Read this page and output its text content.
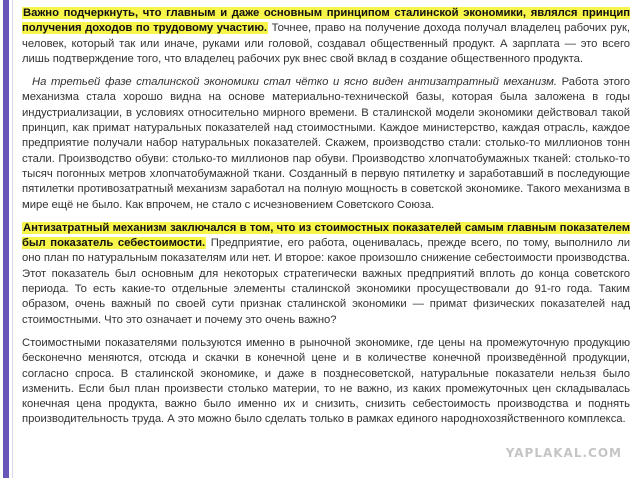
Важно подчеркнуть, что главным и даже основным принципом сталинской экономики, являлся принцип получения доходов по трудовому участию. Точнее, право на получение дохода получал владелец рабочих рук, человек, который так или иначе, руками или головой, создавал общественный продукт. А зарплата — это всего лишь подтверждение того, что владелец рабочих рук внес свой вклад в создание общественного продукта.

На третьей фазе сталинской экономики стал чётко и ясно виден антизатратный механизм. Работа этого механизма стала хорошо видна на основе материально-технической базы, которая была заложена в годы индустриализации, в условиях относительно мирного времени. В сталинской модели экономики действовал такой принцип, как примат натуральных показателей над стоимостными. Каждое министерство, каждая отрасль, каждое предприятие получали набор натуральных показателей. Скажем, производство стали: столько-то миллионов тонн стали. Производство обуви: столько-то миллионов пар обуви. Производство хлопчатобумажных тканей: столько-то тысяч погонных метров хлопчатобумажной ткани. Созданный в первую пятилетку и заработавший в последующие пятилетки противозатратный механизм заработал на полную мощность в советской экономике. Такого механизма в мире ещё не было. Как впрочем, не стало с исчезновением Советского Союза.

Антизатратный механизм заключался в том, что из стоимостных показателей самым главным показателем был показатель себестоимости. Предприятие, его работа, оценивалась, прежде всего, по тому, выполнило ли оно план по натуральным показателям или нет. И второе: какое произошло снижение себестоимости производства. Этот показатель был основным для некоторых стратегически важных предприятий вплоть до конца советского периода. То есть какие-то отдельные элементы сталинской экономики просуществовали до 91-го года. Таким образом, очень важный по своей сути признак сталинской экономики — примат физических показателей над стоимостными. Что это означает и почему это очень важно?

Стоимостными показателями пользуются именно в рыночной экономике, где цены на промежуточную продукцию бесконечно меняются, отсюда и скачки в конечной цене и в количестве конечной произведённой продукции, согласно спроса. В сталинской экономике, и даже в позднесоветской, натуральные показатели нельзя было изменить. Если был план произвести столько материи, то не важно, из каких промежуточных цен складывалась конечная цена продукта, важно было именно их и снизить, снизить себестоимость производства и поднять производительность труда. А это можно было сделать только в рамках единого народнохозяйственного комплекса.

YAPLAKAL.COM
